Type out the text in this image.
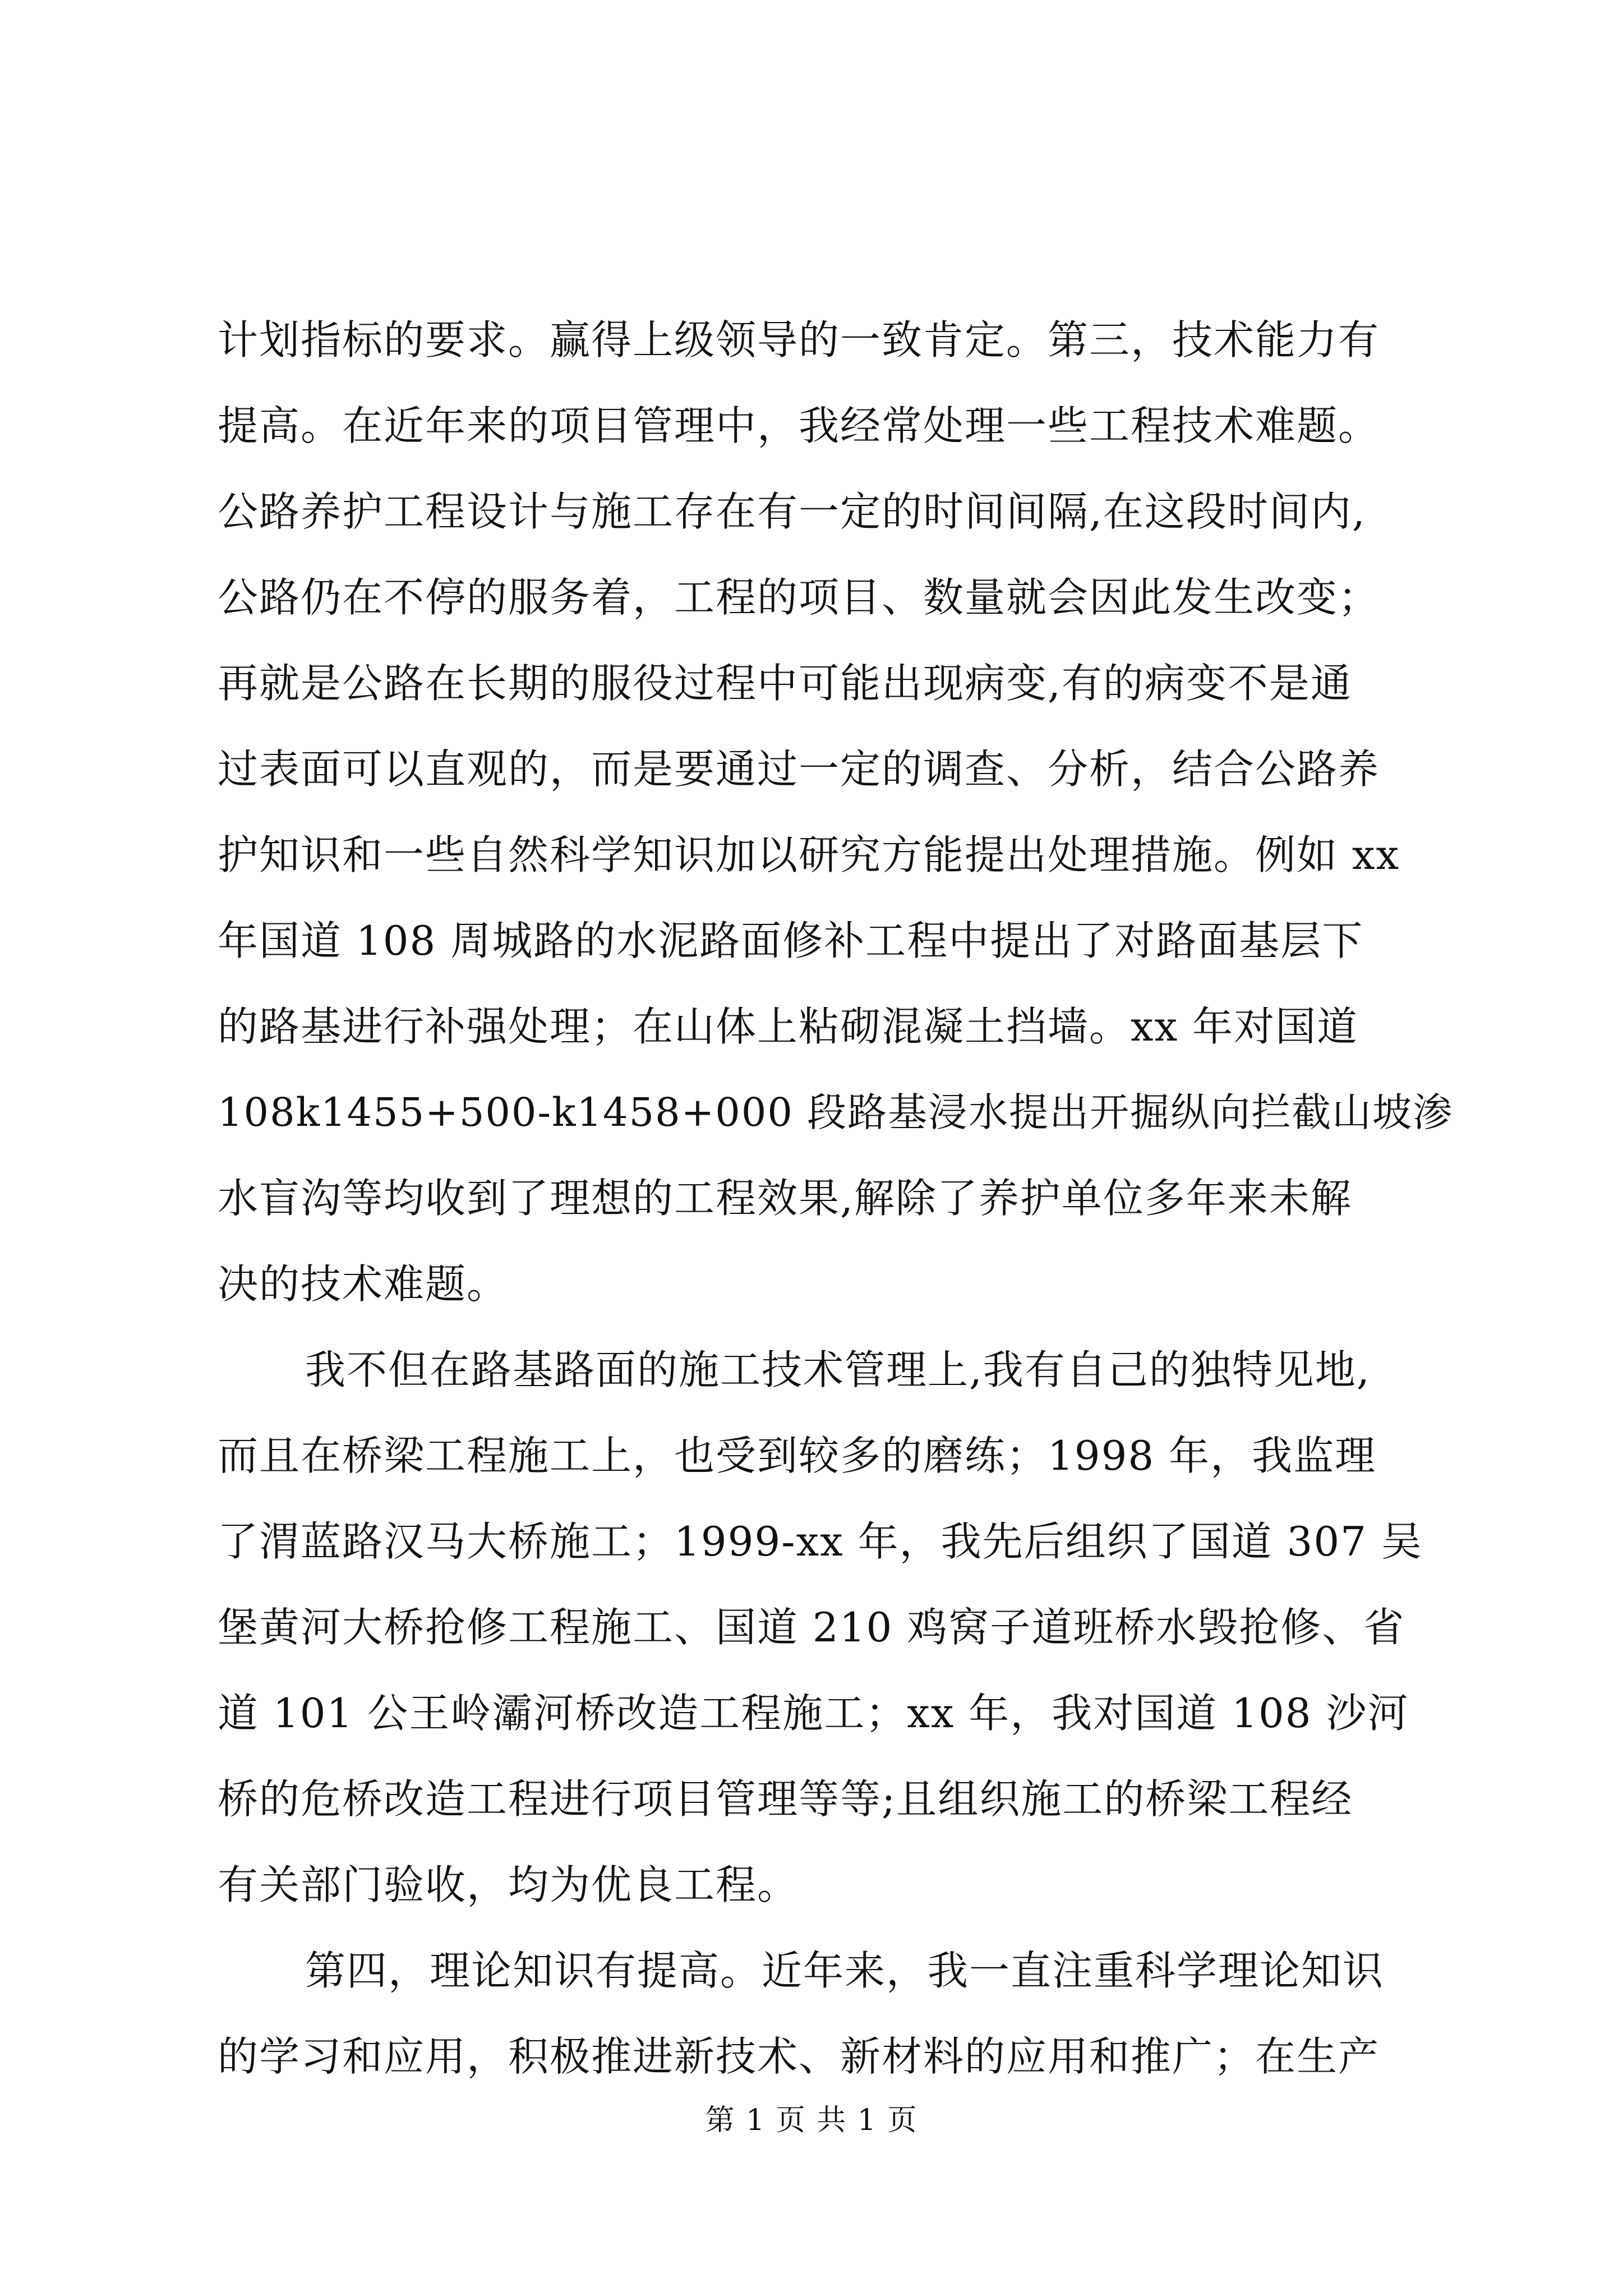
计划指标的要求。赢得上级领导的一致肯定。第三，技术能力有
提高。在近年来的项目管理中，我经常处理一些工程技术难题。
公路养护工程设计与施工存在有一定的时间间隔,在这段时间内,
公路仍在不停的服务着，工程的项目、数量就会因此发生改变；
再就是公路在长期的服役过程中可能出现病变,有的病变不是通
过表面可以直观的，而是要通过一定的调查、分析，结合公路养
护知识和一些自然科学知识加以研究方能提出处理措施。例如 xx
年国道 108 周城路的水泥路面修补工程中提出了对路面基层下
的路基进行补强处理；在山体上粘砌混凝土挡墙。xx 年对国道
108k1455+500-k1458+000 段路基浸水提出开掘纵向拦截山坡渗
水盲沟等均收到了理想的工程效果,解除了养护单位多年来未解
决的技术难题。

我不但在路基路面的施工技术管理上,我有自己的独特见地,
而且在桥梁工程施工上，也受到较多的磨练；1998 年，我监理
了渭蓝路汉马大桥施工；1999-xx 年，我先后组织了国道 307 吴
堡黄河大桥抢修工程施工、国道 210 鸡窝子道班桥水毁抢修、省
道 101 公王岭灞河桥改造工程施工；xx 年，我对国道 108 沙河
桥的危桥改造工程进行项目管理等等;且组织施工的桥梁工程经
有关部门验收，均为优良工程。

第四，理论知识有提高。近年来，我一直注重科学理论知识
的学习和应用，积极推进新技术、新材料的应用和推广；在生产

第 1 页 共 1 页
